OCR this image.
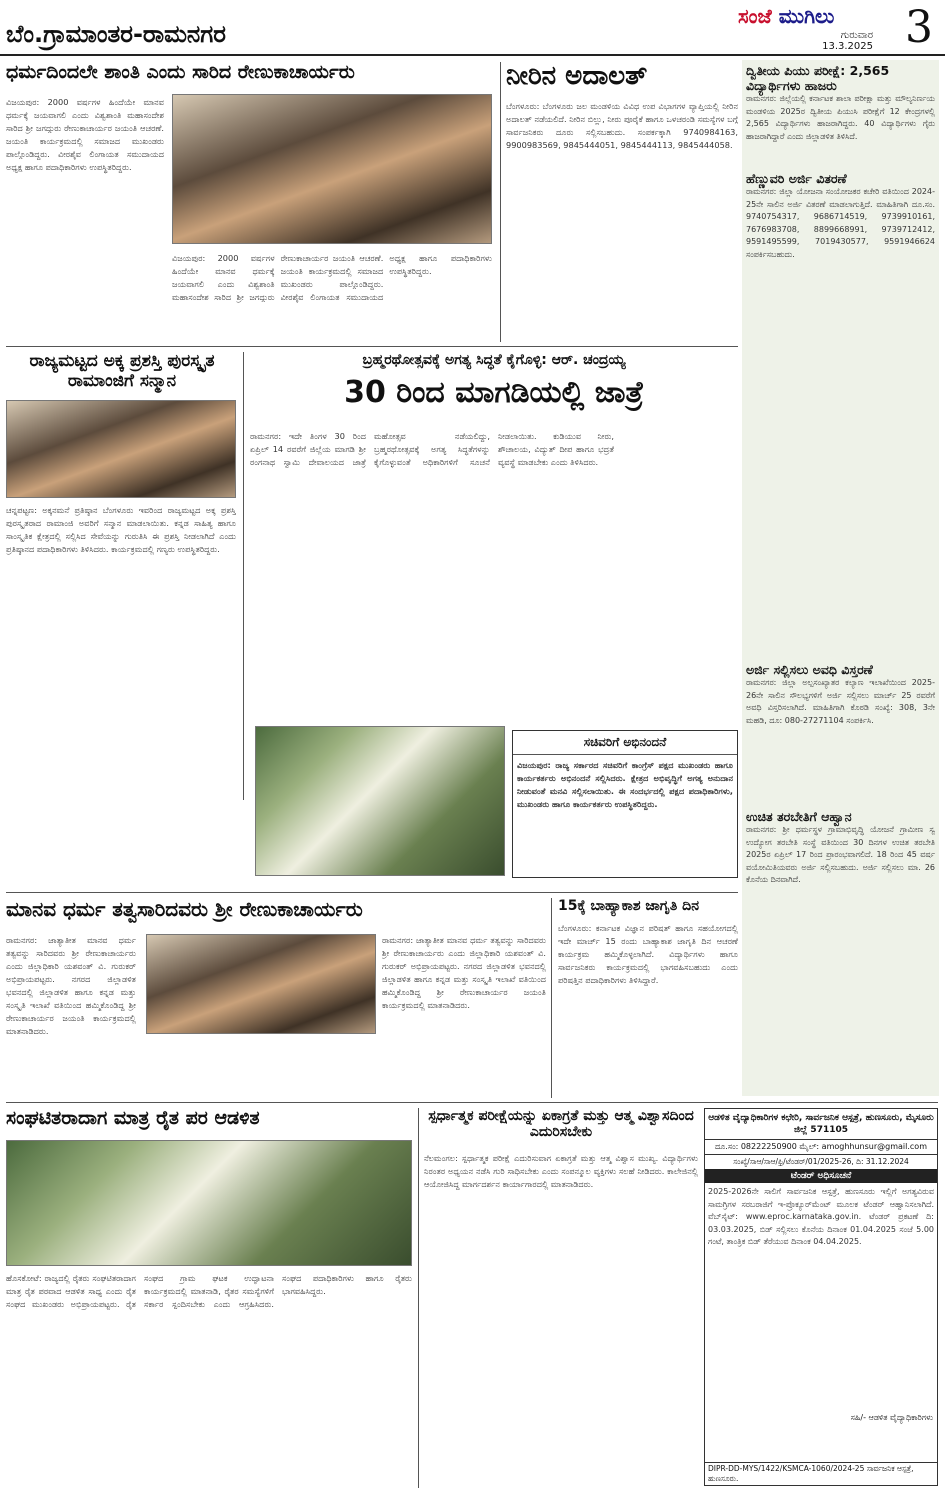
ಬೆಂ.ಗ್ರಾಮಾಂತರ-ರಾಮನಗರ
ಸಂಜೆ ಮುಗಿಲು
ಗುರುವಾರ
13.3.2025 3
ಧರ್ಮದಿಂದಲೇ ಶಾಂತಿ ಎಂದು ಸಾರಿದ ರೇಣುಕಾಚಾರ್ಯರು
ವಿಜಯಪುರ: 2000 ವರ್ಷಗಳ ಹಿಂದೆಯೇ ಮಾನವ ಧರ್ಮಕ್ಕೆ ಜಯವಾಗಲಿ ಎಂದು ವಿಶ್ವಶಾಂತಿ ಮಹಾಸಂದೇಶ ಸಾರಿದ ಶ್ರೀ ಜಗದ್ಗುರು ರೇಣುಕಾಚಾರ್ಯರ ಜಯಂತಿ ಆಚರಣೆ. ಜಯಂತಿ ಕಾರ್ಯಕ್ರಮದಲ್ಲಿ ಸಮಾಜದ ಮುಖಂಡರು ಪಾಲ್ಗೊಂಡಿದ್ದರು. ವೀರಶೈವ ಲಿಂಗಾಯತ ಸಮುದಾಯದ ಅಧ್ಯಕ್ಷ ಹಾಗೂ ಪದಾಧಿಕಾರಿಗಳು ಉಪಸ್ಥಿತರಿದ್ದರು.
ವಿಜಯಪುರ: 2000 ವರ್ಷಗಳ ಹಿಂದೆಯೇ ಮಾನವ ಧರ್ಮಕ್ಕೆ ಜಯವಾಗಲಿ ಎಂದು ವಿಶ್ವಶಾಂತಿ ಮಹಾಸಂದೇಶ ಸಾರಿದ ಶ್ರೀ ಜಗದ್ಗುರು ರೇಣುಕಾಚಾರ್ಯರ ಜಯಂತಿ ಆಚರಣೆ. ಜಯಂತಿ ಕಾರ್ಯಕ್ರಮದಲ್ಲಿ ಸಮಾಜದ ಮುಖಂಡರು ಪಾಲ್ಗೊಂಡಿದ್ದರು. ವೀರಶೈವ ಲಿಂಗಾಯತ ಸಮುದಾಯದ ಅಧ್ಯಕ್ಷ ಹಾಗೂ ಪದಾಧಿಕಾರಿಗಳು ಉಪಸ್ಥಿತರಿದ್ದರು.
ನೀರಿನ ಅದಾಲತ್
ಬೆಂಗಳೂರು: ಬೆಂಗಳೂರು ಜಲ ಮಂಡಳಿಯ ವಿವಿಧ ಉಪ ವಿಭಾಗಗಳ ವ್ಯಾಪ್ತಿಯಲ್ಲಿ ನೀರಿನ ಅದಾಲತ್ ನಡೆಯಲಿದೆ. ನೀರಿನ ಬಿಲ್ಲು, ನೀರು ಪೂರೈಕೆ ಹಾಗೂ ಒಳಚರಂಡಿ ಸಮಸ್ಯೆಗಳ ಬಗ್ಗೆ ಸಾರ್ವಜನಿಕರು ದೂರು ಸಲ್ಲಿಸಬಹುದು. ಸಂಪರ್ಕಕ್ಕಾಗಿ 9740984163, 9900983569, 9845444051, 9845444113, 9845444058.
ರಾಜ್ಯಮಟ್ಟದ ಅಕ್ಕ ಪ್ರಶಸ್ತಿ ಪುರಸ್ಕೃತ ರಾಮಾಂಜಿಗೆ ಸನ್ಮಾನ
ಚನ್ನಪಟ್ಟಣ: ಅಕ್ಕನಮನೆ ಪ್ರತಿಷ್ಠಾನ ಬೆಂಗಳೂರು ಇವರಿಂದ ರಾಜ್ಯಮಟ್ಟದ ಅಕ್ಕ ಪ್ರಶಸ್ತಿ ಪುರಸ್ಕೃತರಾದ ರಾಮಾಂಜಿ ಅವರಿಗೆ ಸನ್ಮಾನ ಮಾಡಲಾಯಿತು. ಕನ್ನಡ ಸಾಹಿತ್ಯ ಹಾಗೂ ಸಾಂಸ್ಕೃತಿಕ ಕ್ಷೇತ್ರದಲ್ಲಿ ಸಲ್ಲಿಸಿದ ಸೇವೆಯನ್ನು ಗುರುತಿಸಿ ಈ ಪ್ರಶಸ್ತಿ ನೀಡಲಾಗಿದೆ ಎಂದು ಪ್ರತಿಷ್ಠಾನದ ಪದಾಧಿಕಾರಿಗಳು ತಿಳಿಸಿದರು. ಕಾರ್ಯಕ್ರಮದಲ್ಲಿ ಗಣ್ಯರು ಉಪಸ್ಥಿತರಿದ್ದರು.
ಬ್ರಹ್ಮರಥೋತ್ಸವಕ್ಕೆ ಅಗತ್ಯ ಸಿದ್ಧತೆ ಕೈಗೊಳ್ಳಿ: ಆರ್. ಚಂದ್ರಯ್ಯ
30 ರಿಂದ ಮಾಗಡಿಯಲ್ಲಿ ಜಾತ್ರೆ
ರಾಮನಗರ: ಇದೇ ತಿಂಗಳ 30 ರಿಂದ ಏಪ್ರಿಲ್ 14 ರವರೆಗೆ ಜಿಲ್ಲೆಯ ಮಾಗಡಿ ಶ್ರೀ ರಂಗನಾಥ ಸ್ವಾಮಿ ದೇವಾಲಯದ ಜಾತ್ರೆ ಮಹೋತ್ಸವ ನಡೆಯಲಿದ್ದು, ಬ್ರಹ್ಮರಥೋತ್ಸವಕ್ಕೆ ಅಗತ್ಯ ಸಿದ್ಧತೆಗಳನ್ನು ಕೈಗೊಳ್ಳುವಂತೆ ಅಧಿಕಾರಿಗಳಿಗೆ ಸೂಚನೆ ನೀಡಲಾಯಿತು. ಕುಡಿಯುವ ನೀರು, ಶೌಚಾಲಯ, ವಿದ್ಯುತ್ ದೀಪ ಹಾಗೂ ಭದ್ರತೆ ವ್ಯವಸ್ಥೆ ಮಾಡಬೇಕು ಎಂದು ತಿಳಿಸಿದರು.
ಸಚಿವರಿಗೆ ಅಭಿನಂದನೆ
ವಿಜಯಪುರ: ರಾಜ್ಯ ಸರ್ಕಾರದ ಸಚಿವರಿಗೆ ಕಾಂಗ್ರೆಸ್ ಪಕ್ಷದ ಮುಖಂಡರು ಹಾಗೂ ಕಾರ್ಯಕರ್ತರು ಅಭಿನಂದನೆ ಸಲ್ಲಿಸಿದರು. ಕ್ಷೇತ್ರದ ಅಭಿವೃದ್ಧಿಗೆ ಅಗತ್ಯ ಅನುದಾನ ನೀಡುವಂತೆ ಮನವಿ ಸಲ್ಲಿಸಲಾಯಿತು. ಈ ಸಂದರ್ಭದಲ್ಲಿ ಪಕ್ಷದ ಪದಾಧಿಕಾರಿಗಳು, ಮುಖಂಡರು ಹಾಗೂ ಕಾರ್ಯಕರ್ತರು ಉಪಸ್ಥಿತರಿದ್ದರು.
ಮಾನವ ಧರ್ಮ ತತ್ವಸಾರಿದವರು ಶ್ರೀ ರೇಣುಕಾಚಾರ್ಯರು
ರಾಮನಗರ: ಜಾತ್ಯಾತೀತ ಮಾನವ ಧರ್ಮ ತತ್ವವನ್ನು ಸಾರಿದವರು ಶ್ರೀ ರೇಣುಕಾಚಾರ್ಯರು ಎಂದು ಜಿಲ್ಲಾಧಿಕಾರಿ ಯಶವಂತ್ ವಿ. ಗುರುಕರ್ ಅಭಿಪ್ರಾಯಪಟ್ಟರು. ನಗರದ ಜಿಲ್ಲಾಡಳಿತ ಭವನದಲ್ಲಿ ಜಿಲ್ಲಾಡಳಿತ ಹಾಗೂ ಕನ್ನಡ ಮತ್ತು ಸಂಸ್ಕೃತಿ ಇಲಾಖೆ ವತಿಯಿಂದ ಹಮ್ಮಿಕೊಂಡಿದ್ದ ಶ್ರೀ ರೇಣುಕಾಚಾರ್ಯರ ಜಯಂತಿ ಕಾರ್ಯಕ್ರಮದಲ್ಲಿ ಮಾತನಾಡಿದರು.
ರಾಮನಗರ: ಜಾತ್ಯಾತೀತ ಮಾನವ ಧರ್ಮ ತತ್ವವನ್ನು ಸಾರಿದವರು ಶ್ರೀ ರೇಣುಕಾಚಾರ್ಯರು ಎಂದು ಜಿಲ್ಲಾಧಿಕಾರಿ ಯಶವಂತ್ ವಿ. ಗುರುಕರ್ ಅಭಿಪ್ರಾಯಪಟ್ಟರು. ನಗರದ ಜಿಲ್ಲಾಡಳಿತ ಭವನದಲ್ಲಿ ಜಿಲ್ಲಾಡಳಿತ ಹಾಗೂ ಕನ್ನಡ ಮತ್ತು ಸಂಸ್ಕೃತಿ ಇಲಾಖೆ ವತಿಯಿಂದ ಹಮ್ಮಿಕೊಂಡಿದ್ದ ಶ್ರೀ ರೇಣುಕಾಚಾರ್ಯರ ಜಯಂತಿ ಕಾರ್ಯಕ್ರಮದಲ್ಲಿ ಮಾತನಾಡಿದರು.
15ಕ್ಕೆ ಬಾಹ್ಯಾಕಾಶ ಜಾಗೃತಿ ದಿನ
ಬೆಂಗಳೂರು: ಕರ್ನಾಟಕ ವಿಜ್ಞಾನ ಪರಿಷತ್ ಹಾಗೂ ಸಹಯೋಗದಲ್ಲಿ ಇದೇ ಮಾರ್ಚ್ 15 ರಂದು ಬಾಹ್ಯಾಕಾಶ ಜಾಗೃತಿ ದಿನ ಆಚರಣೆ ಕಾರ್ಯಕ್ರಮ ಹಮ್ಮಿಕೊಳ್ಳಲಾಗಿದೆ. ವಿದ್ಯಾರ್ಥಿಗಳು ಹಾಗೂ ಸಾರ್ವಜನಿಕರು ಕಾರ್ಯಕ್ರಮದಲ್ಲಿ ಭಾಗವಹಿಸಬಹುದು ಎಂದು ಪರಿಷತ್ತಿನ ಪದಾಧಿಕಾರಿಗಳು ತಿಳಿಸಿದ್ದಾರೆ.
ಸಂಘಟಿತರಾದಾಗ ಮಾತ್ರ ರೈತ ಪರ ಆಡಳಿತ
ಹೊಸಕೋಟೆ: ರಾಜ್ಯದಲ್ಲಿ ರೈತರು ಸಂಘಟಿತರಾದಾಗ ಮಾತ್ರ ರೈತ ಪರವಾದ ಆಡಳಿತ ಸಾಧ್ಯ ಎಂದು ರೈತ ಸಂಘದ ಮುಖಂಡರು ಅಭಿಪ್ರಾಯಪಟ್ಟರು. ರೈತ ಸಂಘದ ಗ್ರಾಮ ಘಟಕ ಉದ್ಘಾಟನಾ ಕಾರ್ಯಕ್ರಮದಲ್ಲಿ ಮಾತನಾಡಿ, ರೈತರ ಸಮಸ್ಯೆಗಳಿಗೆ ಸರ್ಕಾರ ಸ್ಪಂದಿಸಬೇಕು ಎಂದು ಆಗ್ರಹಿಸಿದರು. ಸಂಘದ ಪದಾಧಿಕಾರಿಗಳು ಹಾಗೂ ರೈತರು ಭಾಗವಹಿಸಿದ್ದರು.
ಸ್ಪರ್ಧಾತ್ಮಕ ಪರೀಕ್ಷೆಯನ್ನು ಏಕಾಗ್ರತೆ ಮತ್ತು ಆತ್ಮ ವಿಶ್ವಾಸದಿಂದ ಎದುರಿಸಬೇಕು
ನೆಲಮಂಗಲ: ಸ್ಪರ್ಧಾತ್ಮಕ ಪರೀಕ್ಷೆ ಎದುರಿಸುವಾಗ ಏಕಾಗ್ರತೆ ಮತ್ತು ಆತ್ಮ ವಿಶ್ವಾಸ ಮುಖ್ಯ. ವಿದ್ಯಾರ್ಥಿಗಳು ನಿರಂತರ ಅಧ್ಯಯನ ನಡೆಸಿ ಗುರಿ ಸಾಧಿಸಬೇಕು ಎಂದು ಸಂಪನ್ಮೂಲ ವ್ಯಕ್ತಿಗಳು ಸಲಹೆ ನೀಡಿದರು. ಕಾಲೇಜಿನಲ್ಲಿ ಆಯೋಜಿಸಿದ್ದ ಮಾರ್ಗದರ್ಶನ ಕಾರ್ಯಾಗಾರದಲ್ಲಿ ಮಾತನಾಡಿದರು.
ದ್ವಿತೀಯ ಪಿಯು ಪರೀಕ್ಷೆ: 2,565 ವಿದ್ಯಾರ್ಥಿಗಳು ಹಾಜರು
ರಾಮನಗರ: ಜಿಲ್ಲೆಯಲ್ಲಿ ಕರ್ನಾಟಕ ಶಾಲಾ ಪರೀಕ್ಷಾ ಮತ್ತು ಮೌಲ್ಯನಿರ್ಣಯ ಮಂಡಳಿಯ 2025ರ ದ್ವಿತೀಯ ಪಿಯುಸಿ ಪರೀಕ್ಷೆಗೆ 12 ಕೇಂದ್ರಗಳಲ್ಲಿ 2,565 ವಿದ್ಯಾರ್ಥಿಗಳು ಹಾಜರಾಗಿದ್ದರು. 40 ವಿದ್ಯಾರ್ಥಿಗಳು ಗೈರು ಹಾಜರಾಗಿದ್ದಾರೆ ಎಂದು ಜಿಲ್ಲಾಡಳಿತ ತಿಳಿಸಿದೆ.
ಹೆಣ್ಣುವರಿ ಅರ್ಜಿ ವಿತರಣೆ
ರಾಮನಗರ: ಜಿಲ್ಲಾ ಯೋಜನಾ ಸಂಯೋಜಕರ ಕಚೇರಿ ವತಿಯಿಂದ 2024-25ನೇ ಸಾಲಿನ ಅರ್ಜಿ ವಿತರಣೆ ಮಾಡಲಾಗುತ್ತಿದೆ. ಮಾಹಿತಿಗಾಗಿ ದೂ.ಸಂ. 9740754317, 9686714519, 9739910161, 7676983708, 8899668991, 9739712412, 9591495599, 7019430577, 9591946624 ಸಂಪರ್ಕಿಸಬಹುದು.
ಅರ್ಜಿ ಸಲ್ಲಿಸಲು ಅವಧಿ ವಿಸ್ತರಣೆ
ರಾಮನಗರ: ಜಿಲ್ಲಾ ಅಲ್ಪಸಂಖ್ಯಾತರ ಕಲ್ಯಾಣ ಇಲಾಖೆಯಿಂದ 2025-26ನೇ ಸಾಲಿನ ಸೌಲಭ್ಯಗಳಿಗೆ ಅರ್ಜಿ ಸಲ್ಲಿಸಲು ಮಾರ್ಚ್ 25 ರವರೆಗೆ ಅವಧಿ ವಿಸ್ತರಿಸಲಾಗಿದೆ. ಮಾಹಿತಿಗಾಗಿ ಕೊಠಡಿ ಸಂಖ್ಯೆ: 308, 3ನೇ ಮಹಡಿ, ದೂ: 080-27271104 ಸಂಪರ್ಕಿಸಿ.
ಉಚಿತ ತರಬೇತಿಗೆ ಆಹ್ವಾನ
ರಾಮನಗರ: ಶ್ರೀ ಧರ್ಮಸ್ಥಳ ಗ್ರಾಮಾಭಿವೃದ್ಧಿ ಯೋಜನೆ ಗ್ರಾಮೀಣ ಸ್ವ ಉದ್ಯೋಗ ತರಬೇತಿ ಸಂಸ್ಥೆ ವತಿಯಿಂದ 30 ದಿನಗಳ ಉಚಿತ ತರಬೇತಿ 2025ರ ಏಪ್ರಿಲ್ 17 ರಿಂದ ಪ್ರಾರಂಭವಾಗಲಿದೆ. 18 ರಿಂದ 45 ವರ್ಷ ವಯೋಮಿತಿಯವರು ಅರ್ಜಿ ಸಲ್ಲಿಸಬಹುದು. ಅರ್ಜಿ ಸಲ್ಲಿಸಲು ಮಾ. 26 ಕೊನೆಯ ದಿನವಾಗಿದೆ.
ಆಡಳಿತ ವೈದ್ಯಾಧಿಕಾರಿಗಳ ಕಛೇರಿ, ಸಾರ್ವಜನಿಕ ಆಸ್ಪತ್ರೆ, ಹುಣಸೂರು, ಮೈಸೂರು ಜಿಲ್ಲೆ 571105
ದೂ.ಸಂ: 08222250900 ಮೈಲ್: amoghhunsur@gmail.com
ಸಂಖ್ಯೆ/ಸಾಆ/ಸಾಆ/ಫ್ರಿ/ಟೆಂಡರ್/01/2025-26, ದಿ: 31.12.2024
ಟೆಂಡರ್ ಅಧಿಸೂಚನೆ
2025-2026ನೇ ಸಾಲಿಗೆ ಸಾರ್ವಜನಿಕ ಆಸ್ಪತ್ರೆ, ಹುಣಸೂರು ಇಲ್ಲಿಗೆ ಅಗತ್ಯವಿರುವ ಸಾಮಗ್ರಿಗಳ ಸರಬರಾಜಿಗೆ ಇ-ಪ್ರೊಕ್ಯೂರ್‌ಮೆಂಟ್ ಮೂಲಕ ಟೆಂಡರ್ ಆಹ್ವಾನಿಸಲಾಗಿದೆ. ವೆಬ್‌ಸೈಟ್: www.eproc.karnataka.gov.in. ಟೆಂಡರ್ ಪ್ರಕಟಣೆ ದಿ: 03.03.2025, ಬಿಡ್ ಸಲ್ಲಿಸಲು ಕೊನೆಯ ದಿನಾಂಕ 01.04.2025 ಸಂಜೆ 5.00 ಗಂಟೆ, ತಾಂತ್ರಿಕ ಬಿಡ್ ತೆರೆಯುವ ದಿನಾಂಕ 04.04.2025.
ಸಹಿ/- ಆಡಳಿತ ವೈದ್ಯಾಧಿಕಾರಿಗಳು
DIPR-DD-MYS/1422/KSMCA-1060/2024-25 ಸಾರ್ವಜನಿಕ ಆಸ್ಪತ್ರೆ, ಹುಣಸೂರು.
